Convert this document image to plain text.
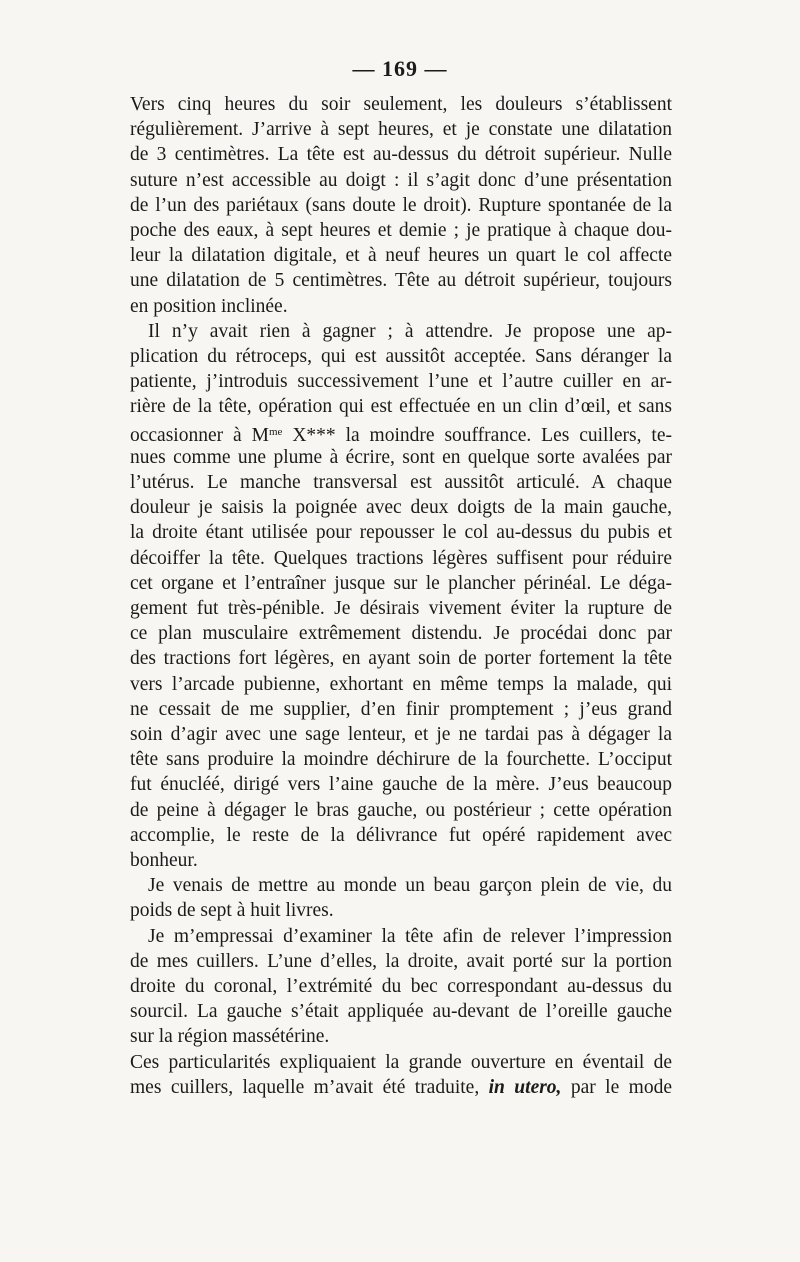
— 169 —
Vers cinq heures du soir seulement, les douleurs s’établissent
régulièrement. J’arrive à sept heures, et je constate une dilatation
de 3 centimètres. La tête est au-dessus du détroit supérieur. Nulle
suture n’est accessible au doigt : il s’agit donc d’une présentation
de l’un des pariétaux (sans doute le droit). Rupture spontanée de la
poche des eaux, à sept heures et demie ; je pratique à chaque dou-
leur la dilatation digitale, et à neuf heures un quart le col affecte
une dilatation de 5 centimètres. Tête au détroit supérieur, toujours
en position inclinée.
Il n’y avait rien à gagner ; à attendre. Je propose une ap-
plication du rétroceps, qui est aussitôt acceptée. Sans déranger la
patiente, j’introduis successivement l’une et l’autre cuiller en ar-
rière de la tête, opération qui est effectuée en un clin d’œil, et sans
occasionner à $M^{me}$ X*** la moindre souffrance. Les cuillers, te-
nues comme une plume à écrire, sont en quelque sorte avalées par
l’utérus. Le manche transversal est aussitôt articulé. A chaque
douleur je saisis la poignée avec deux doigts de la main gauche,
la droite étant utilisée pour repousser le col au-dessus du pubis et
décoiffer la tête. Quelques tractions légères suffisent pour réduire
cet organe et l’entraîner jusque sur le plancher périnéal. Le déga-
gement fut très-pénible. Je désirais vivement éviter la rupture de
ce plan musculaire extrêmement distendu. Je procédai donc par
des tractions fort légères, en ayant soin de porter fortement la tête
vers l’arcade pubienne, exhortant en même temps la malade, qui
ne cessait de me supplier, d’en finir promptement ; j’eus grand
soin d’agir avec une sage lenteur, et je ne tardai pas à dégager la
tête sans produire la moindre déchirure de la fourchette. L’occiput
fut énucléé, dirigé vers l’aine gauche de la mère. J’eus beaucoup
de peine à dégager le bras gauche, ou postérieur ; cette opération
accomplie, le reste de la délivrance fut opéré rapidement avec
bonheur.
Je venais de mettre au monde un beau garçon plein de vie, du
poids de sept à huit livres.
Je m’empressai d’examiner la tête afin de relever l’impression
de mes cuillers. L’une d’elles, la droite, avait porté sur la portion
droite du coronal, l’extrémité du bec correspondant au-dessus du
sourcil. La gauche s’était appliquée au-devant de l’oreille gauche
sur la région massétérine.
Ces particularités expliquaient la grande ouverture en éventail de
mes cuillers, laquelle m’avait été traduite, in utero, par le mode
